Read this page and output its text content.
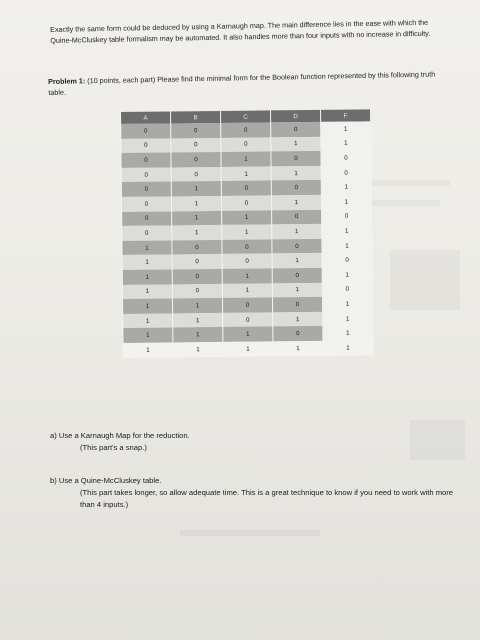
Exactly the same form could be deduced by using a Karnaugh map. The main difference lies in the ease with which the Quine-McCluskey table formalism may be automated. It also handles more than four inputs with no increase in difficulty.
Problem 1: (10 points, each part) Please find the minimal form for the Boolean function represented by this following truth table.
A	B	C	D	F
0	0	0	0	1
0	0	0	1	1
0	0	1	0	0
0	0	1	1	0
0	1	0	0	1
0	1	0	1	1
0	1	1	0	0
0	1	1	1	1
1	0	0	0	1
1	0	0	1	0
1	0	1	0	1
1	0	1	1	0
1	1	0	0	1
1	1	0	1	1
1	1	1	0	1
1	1	1	1	1
a) Use a Karnaugh Map for the reduction.
(This part's a snap.)
b) Use a Quine-McCluskey table.
(This part takes longer, so allow adequate time. This is a great technique to know if you need to work with more than 4 inputs.)
